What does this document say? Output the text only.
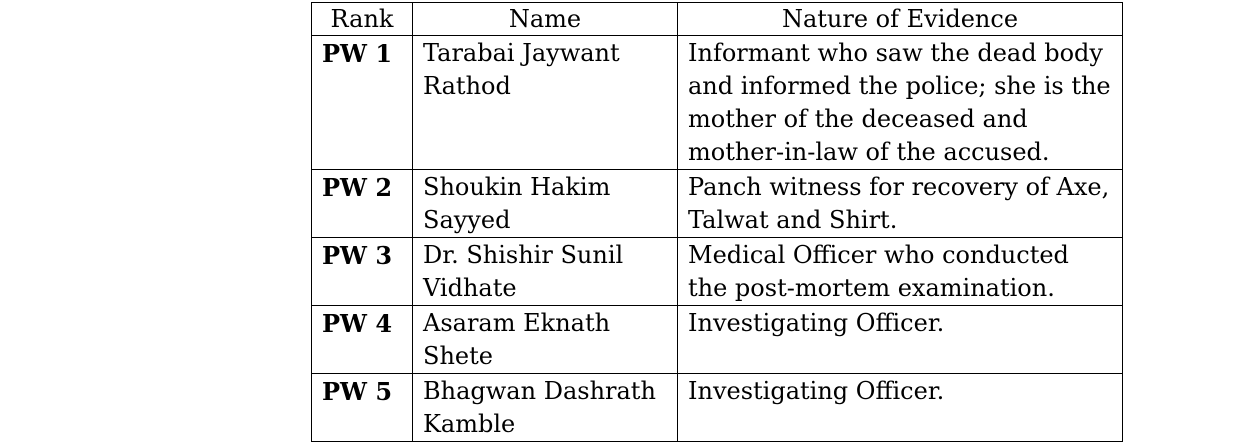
Rank	Name	Nature of Evidence
PW 1	Tarabai Jaywant Rathod	Informant who saw the dead body and informed the police; she is the mother of the deceased and mother-in-law of the accused.
PW 2	Shoukin Hakim Sayyed	Panch witness for recovery of Axe, Talwat and Shirt.
PW 3	Dr. Shishir Sunil Vidhate	Medical Officer who conducted the post-mortem examination.
PW 4	Asaram Eknath Shete	Investigating Officer.
PW 5	Bhagwan Dashrath Kamble	Investigating Officer.
